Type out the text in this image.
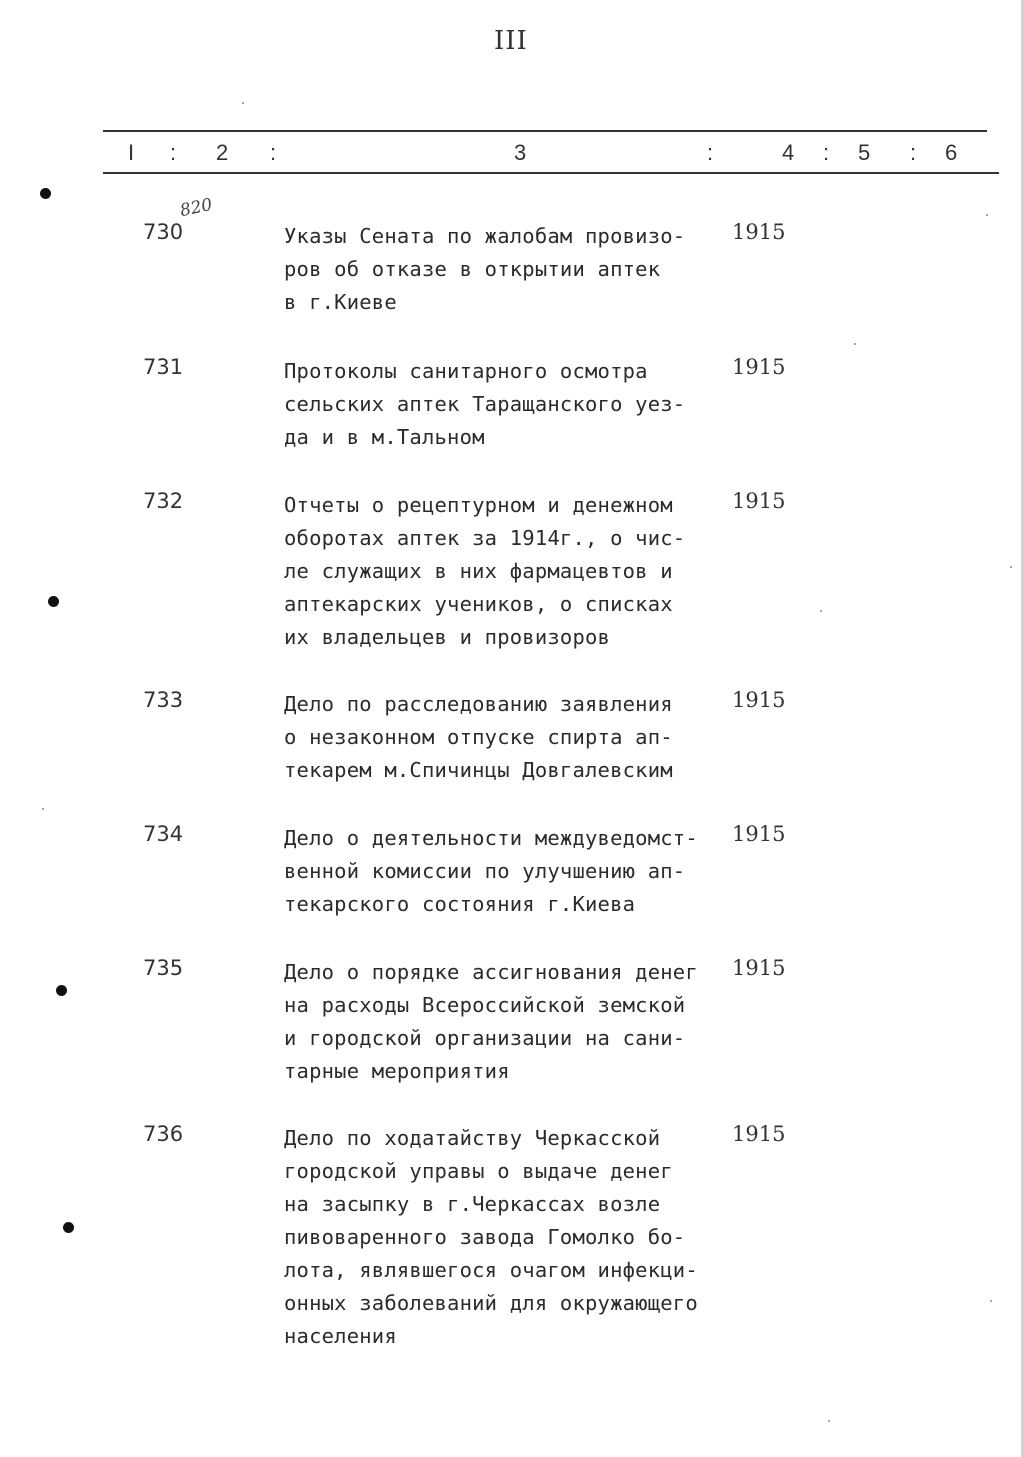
III
I : 2 :	3	:	4 : 5 : 6
820
730	Указы Сената по жалобам провизо-
ров об отказе в открытии аптек
в г.Киеве
1915
731	Протоколы санитарного осмотра
сельских аптек Таращанского уез-
да и в м.Тальном
1915
732	Отчеты о рецептурном и денежном
оборотах аптек за 1914г., о чис-
ле служащих в них фармацевтов и
аптекарских учеников, о списках
их владельцев и провизоров
1915
733	Дело по расследованию заявления
о незаконном отпуске спирта ап-
текарем м.Спичинцы Довгалевским
1915
734	Дело о деятельности междуведомст-
венной комиссии по улучшению ап-
текарского состояния г.Киева
1915
735	Дело о порядке ассигнования денег
на расходы Всероссийской земской
и городской организации на сани-
тарные мероприятия
1915
736	Дело по ходатайству Черкасской
городской управы о выдаче денег
на засыпку в г.Черкассах возле
пивоваренного завода Гомолко бо-
лота, являвшегося очагом инфекци-
онных заболеваний для окружающего
населения
1915
